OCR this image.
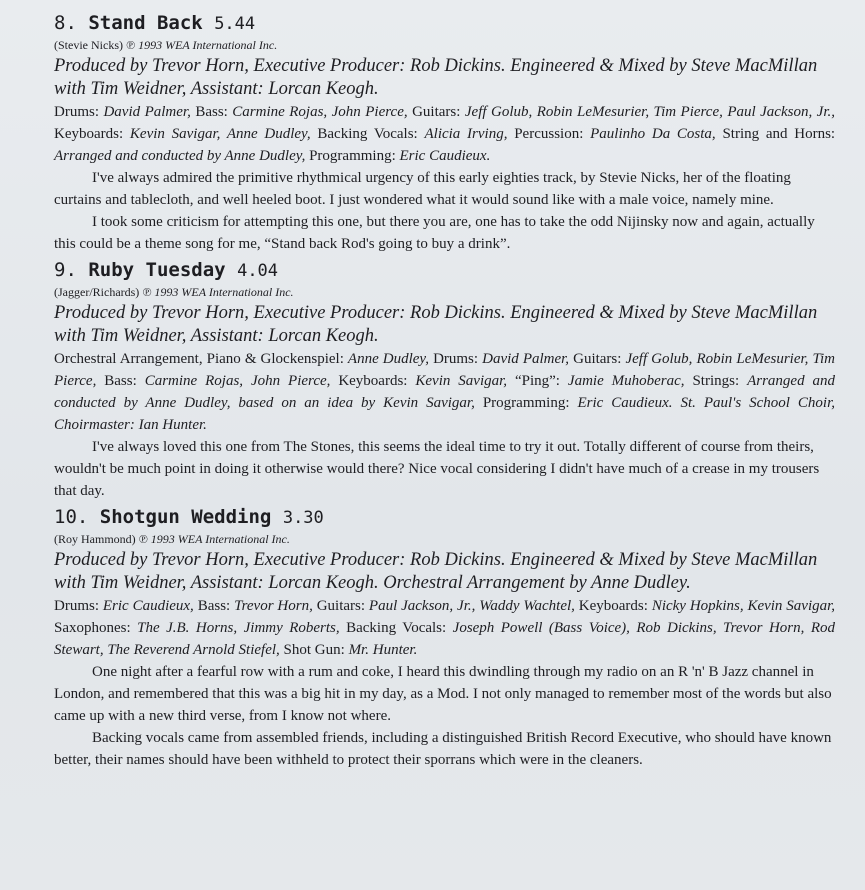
8. Stand Back 5.44

(Stevie Nicks) ℗ 1993 WEA International Inc.

Produced by Trevor Horn, Executive Producer: Rob Dickins. Engineered & Mixed by Steve MacMillan with Tim Weidner, Assistant: Lorcan Keogh.

Drums: David Palmer, Bass: Carmine Rojas, John Pierce, Guitars: Jeff Golub, Robin LeMesurier, Tim Pierce, Paul Jackson, Jr., Keyboards: Kevin Savigar, Anne Dudley, Backing Vocals: Alicia Irving, Percussion: Paulinho Da Costa, String and Horns: Arranged and conducted by Anne Dudley, Programming: Eric Caudieux.

I've always admired the primitive rhythmical urgency of this early eighties track, by Stevie Nicks, her of the floating curtains and tablecloth, and well heeled boot. I just wondered what it would sound like with a male voice, namely mine.

I took some criticism for attempting this one, but there you are, one has to take the odd Nijinsky now and again, actually this could be a theme song for me, “Stand back Rod's going to buy a drink”.

9. Ruby Tuesday 4.04

(Jagger/Richards) ℗ 1993 WEA International Inc.

Produced by Trevor Horn, Executive Producer: Rob Dickins. Engineered & Mixed by Steve MacMillan with Tim Weidner, Assistant: Lorcan Keogh.

Orchestral Arrangement, Piano & Glockenspiel: Anne Dudley, Drums: David Palmer, Guitars: Jeff Golub, Robin LeMesurier, Tim Pierce, Bass: Carmine Rojas, John Pierce, Keyboards: Kevin Savigar, “Ping”: Jamie Muhoberac, Strings: Arranged and conducted by Anne Dudley, based on an idea by Kevin Savigar, Programming: Eric Caudieux. St. Paul's School Choir, Choirmaster: Ian Hunter.

I've always loved this one from The Stones, this seems the ideal time to try it out. Totally different of course from theirs, wouldn't be much point in doing it otherwise would there? Nice vocal considering I didn't have much of a crease in my trousers that day.

10. Shotgun Wedding 3.30

(Roy Hammond) ℗ 1993 WEA International Inc.

Produced by Trevor Horn, Executive Producer: Rob Dickins. Engineered & Mixed by Steve MacMillan with Tim Weidner, Assistant: Lorcan Keogh. Orchestral Arrangement by Anne Dudley.

Drums: Eric Caudieux, Bass: Trevor Horn, Guitars: Paul Jackson, Jr., Waddy Wachtel, Keyboards: Nicky Hopkins, Kevin Savigar, Saxophones: The J.B. Horns, Jimmy Roberts, Backing Vocals: Joseph Powell (Bass Voice), Rob Dickins, Trevor Horn, Rod Stewart, The Reverend Arnold Stiefel, Shot Gun: Mr. Hunter.

One night after a fearful row with a rum and coke, I heard this dwindling through my radio on an R 'n' B Jazz channel in London, and remembered that this was a big hit in my day, as a Mod. I not only managed to remember most of the words but also came up with a new third verse, from I know not where.

Backing vocals came from assembled friends, including a distinguished British Record Executive, who should have known better, their names should have been withheld to protect their sporrans which were in the cleaners.
